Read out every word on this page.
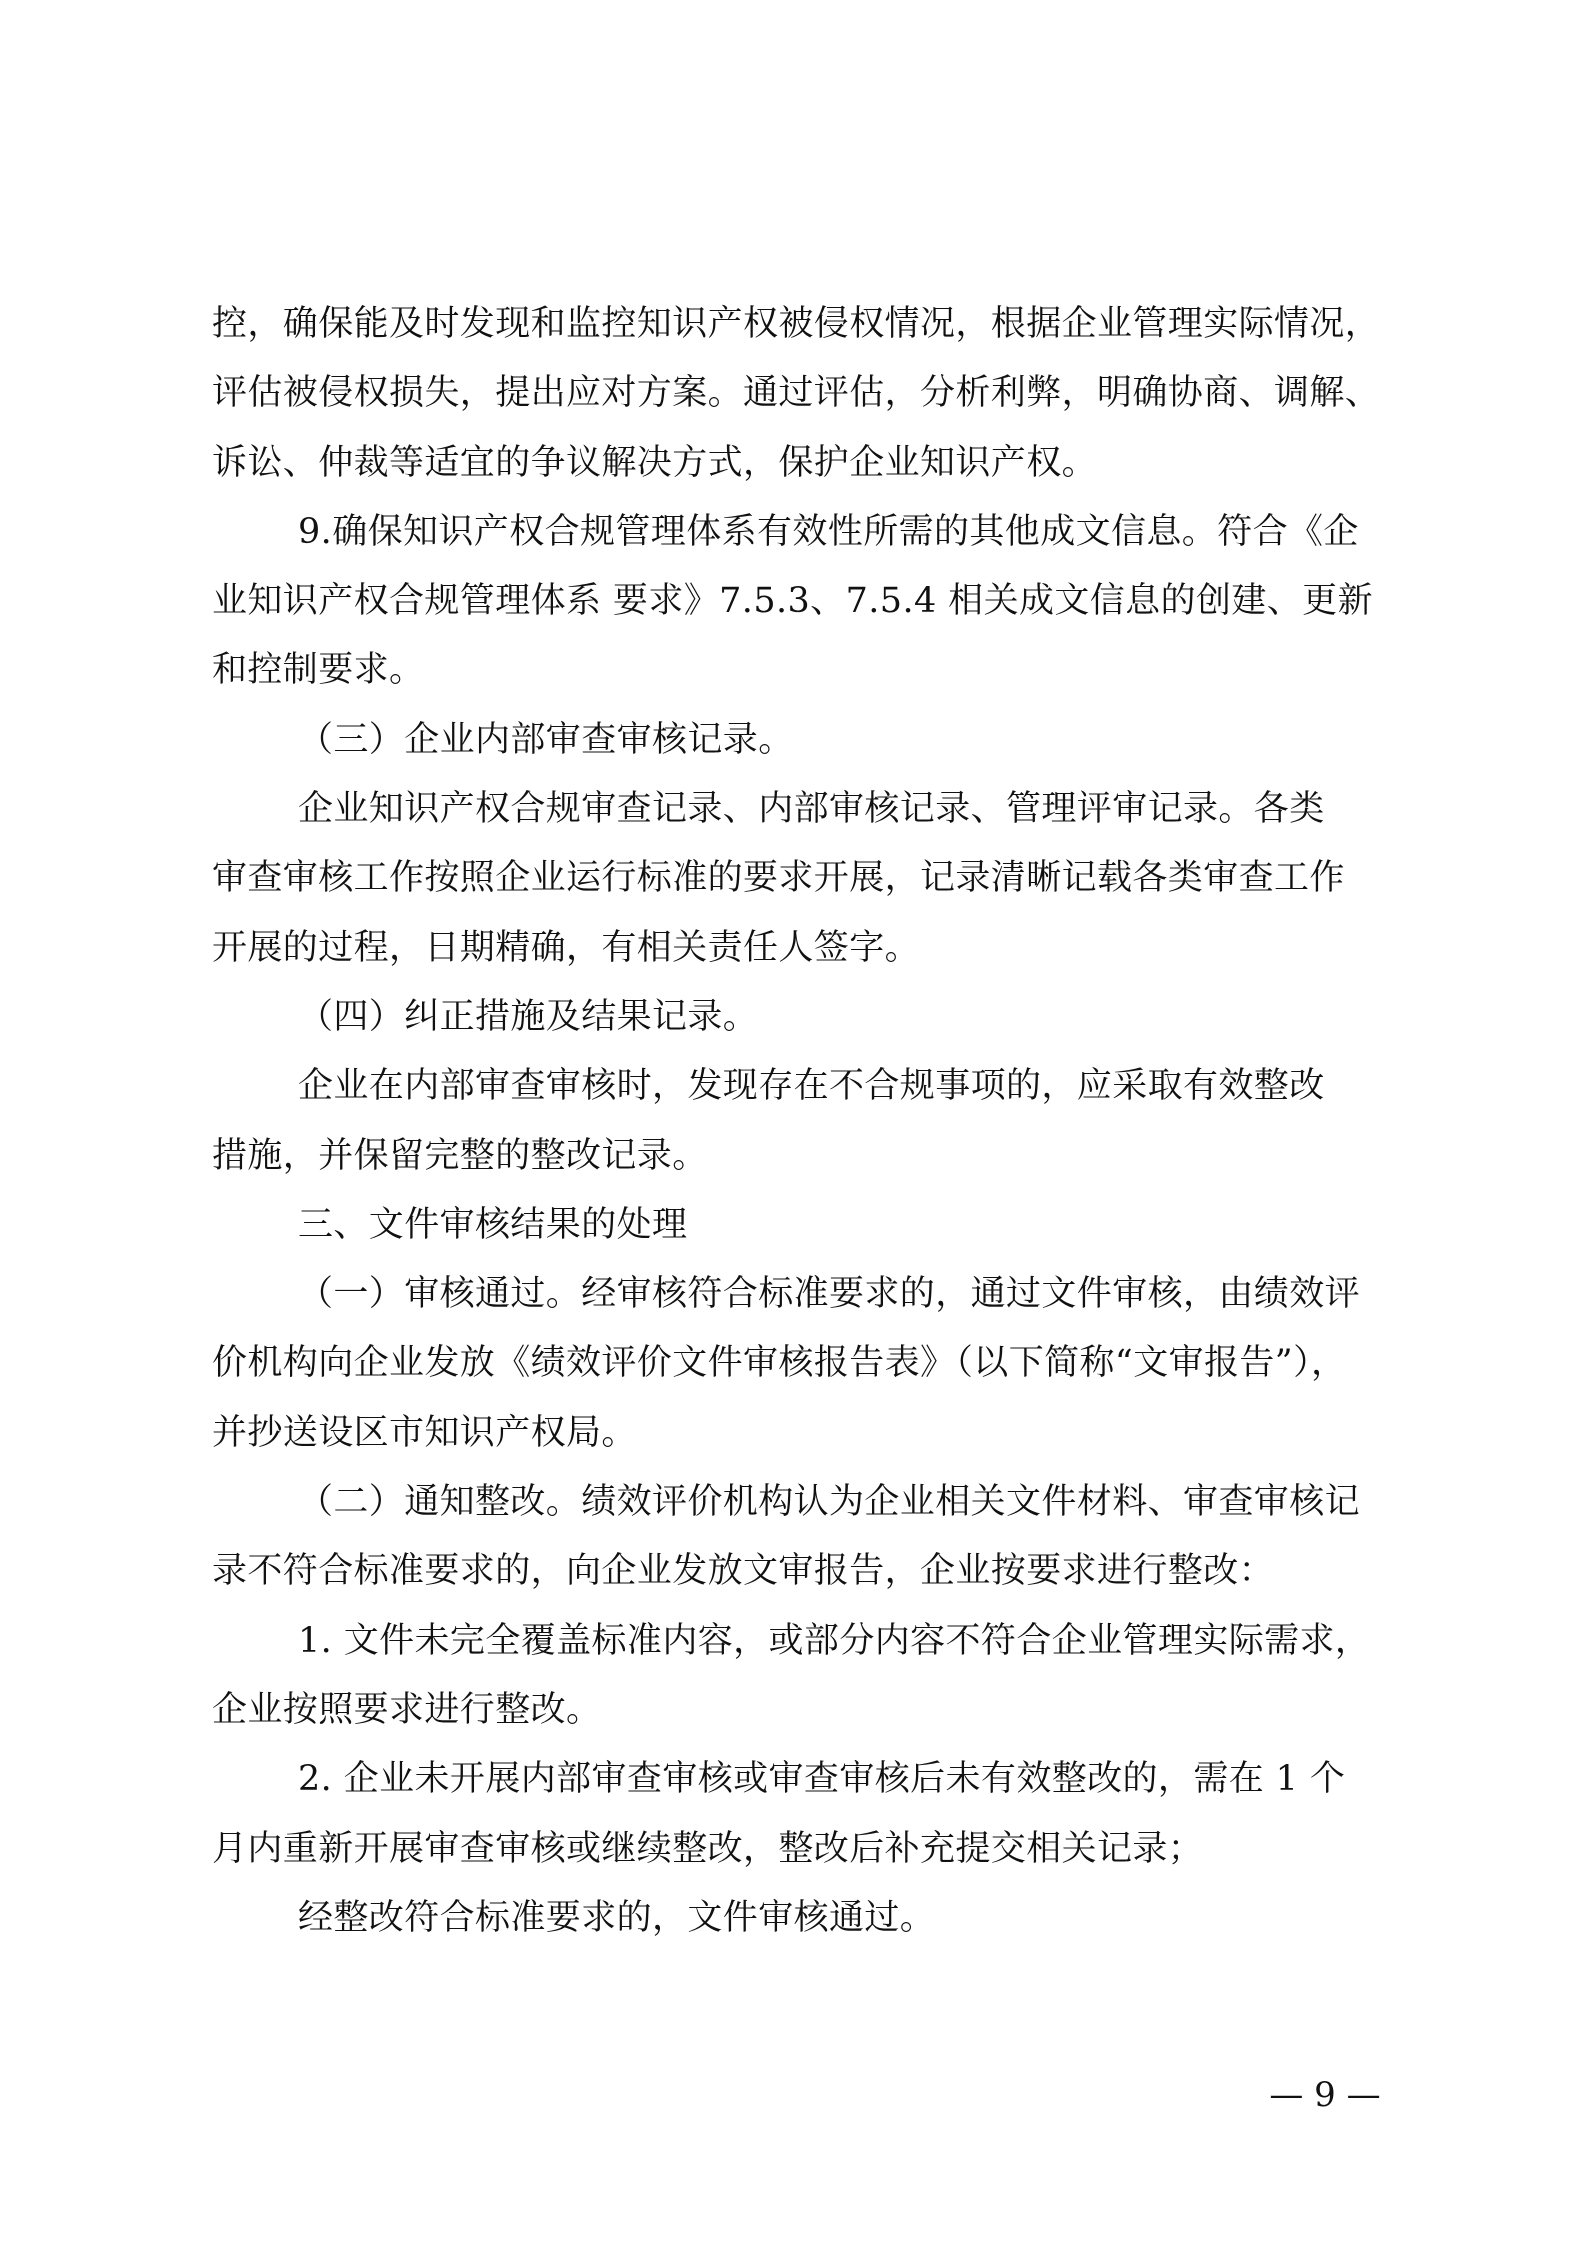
控，确保能及时发现和监控知识产权被侵权情况，根据企业管理实际情况，
评估被侵权损失，提出应对方案。通过评估，分析利弊，明确协商、调解、
诉讼、仲裁等适宜的争议解决方式，保护企业知识产权。
9.确保知识产权合规管理体系有效性所需的其他成文信息。符合《企
业知识产权合规管理体系 要求》7.5.3、7.5.4 相关成文信息的创建、更新
和控制要求。
（三）企业内部审查审核记录。
企业知识产权合规审查记录、内部审核记录、管理评审记录。各类
审查审核工作按照企业运行标准的要求开展，记录清晰记载各类审查工作
开展的过程，日期精确，有相关责任人签字。
（四）纠正措施及结果记录。
企业在内部审查审核时，发现存在不合规事项的，应采取有效整改
措施，并保留完整的整改记录。
三、文件审核结果的处理
（一）审核通过。经审核符合标准要求的，通过文件审核，由绩效评
价机构向企业发放《绩效评价文件审核报告表》（以下简称“文审报告”），
并抄送设区市知识产权局。
（二）通知整改。绩效评价机构认为企业相关文件材料、审查审核记
录不符合标准要求的，向企业发放文审报告，企业按要求进行整改：
1. 文件未完全覆盖标准内容，或部分内容不符合企业管理实际需求，
企业按照要求进行整改。
2. 企业未开展内部审查审核或审查审核后未有效整改的，需在 1 个
月内重新开展审查审核或继续整改，整改后补充提交相关记录；
经整改符合标准要求的，文件审核通过。
— 9 —
